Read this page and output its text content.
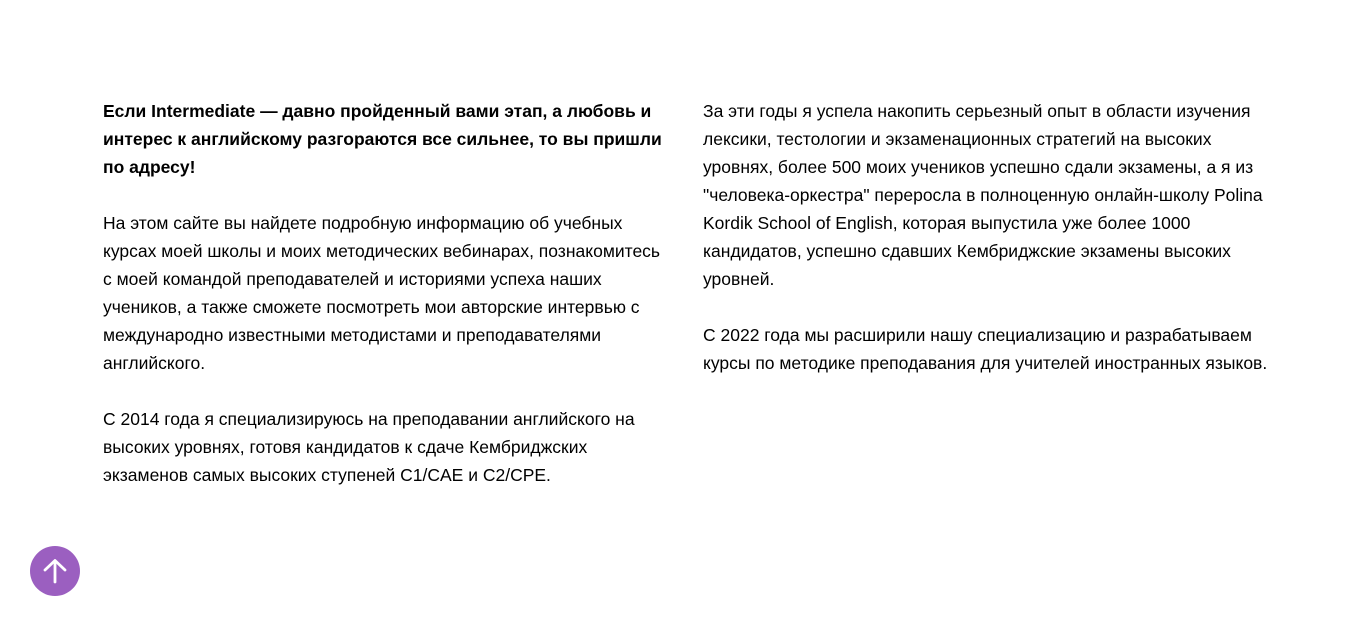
Если Intermediate — давно пройденный вами этап, а любовь и интерес к английскому разгораются все сильнее, то вы пришли по адресу!

На этом сайте вы найдете подробную информацию об учебных курсах моей школы и моих методических вебинарах, познакомитесь с моей командой преподавателей и историями успеха наших учеников, а также сможете посмотреть мои авторские интервью с международно известными методистами и преподавателями английского.

С 2014 года я специализируюсь на преподавании английского на высоких уровнях, готовя кандидатов к сдаче Кембриджских экзаменов самых высоких ступеней C1/CAE и C2/CPE.

За эти годы я успела накопить серьезный опыт в области изучения лексики, тестологии и экзаменационных стратегий на высоких уровнях, более 500 моих учеников успешно сдали экзамены, а я из "человека-оркестра" переросла в полноценную онлайн-школу Polina Kordik School of English, которая выпустила уже более 1000 кандидатов, успешно сдавших Кембриджские экзамены высоких уровней.

С 2022 года мы расширили нашу специализацию и разрабатываем курсы по методике преподавания для учителей иностранных языков.
